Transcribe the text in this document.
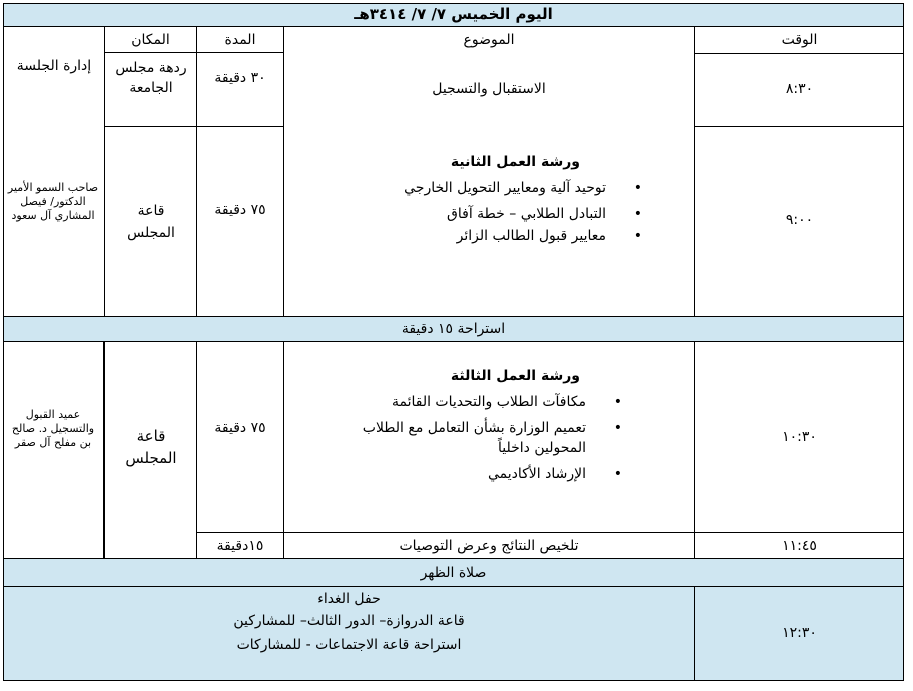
اليوم الخميس ٧/ ٧/ ٣٤١٤هـ
الوقت
الموضوع
المدة
المكان
إدارة الجلسة
٨:٣٠
الاستقبال والتسجيل
٣٠ دقيقة
ردهة مجلس الجامعة
٩:٠٠
ورشة العمل الثانية
•
توحيد آلية ومعايير التحويل الخارجي
•
التبادل الطلابي – خطة آفاق
•
معايير قبول الطالب الزائر
٧٥ دقيقة
قاعة المجلس
صاحب السمو الأمير الدكتور/ فيصل المشاري آل سعود
استراحة ١٥ دقيقة
١٠:٣٠
ورشة العمل الثالثة
•
مكافآت الطلاب والتحديات القائمة
•
تعميم الوزارة بشأن التعامل مع الطلاب المحولين داخلياً
•
الإرشاد الأكاديمي
٧٥ دقيقة
قاعة المجلس
عميد القبول والتسجيل د. صالح بن مفلح آل صقر
١١:٤٥
تلخيص النتائج وعرض التوصيات
١٥دقيقة
صلاة الظهر
١٢:٣٠
حفل الغداء
قاعة الدروازة– الدور الثالث– للمشاركين
استراحة قاعة الاجتماعات - للمشاركات
